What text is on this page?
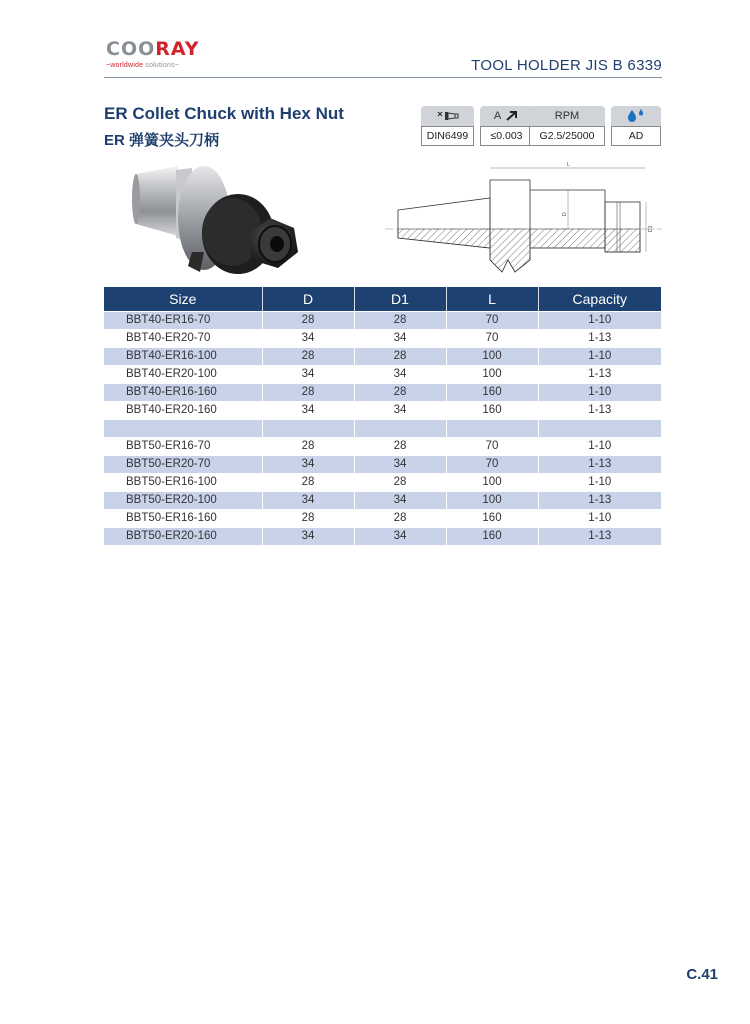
COORAY
~worldwide solutions~	TOOL HOLDER JIS B 6339
ER Collet Chuck with Hex Nut
ER 弹簧夹头刀柄	DIN6499
A
≤0.003
RPM
G2.5/25000	AD
L
D
D1
Size	D	D1	L	Capacity
BBT40-ER16-70	28	28	70	1-10
BBT40-ER20-70	34	34	70	1-13
BBT40-ER16-100	28	28	100	1-10
BBT40-ER20-100	34	34	100	1-13
BBT40-ER16-160	28	28	160	1-10
BBT40-ER20-160	34	34	160	1-13

BBT50-ER16-70	28	28	70	1-10
BBT50-ER20-70	34	34	70	1-13
BBT50-ER16-100	28	28	100	1-10
BBT50-ER20-100	34	34	100	1-13
BBT50-ER16-160	28	28	160	1-10
BBT50-ER20-160	34	34	160	1-13
C.41
